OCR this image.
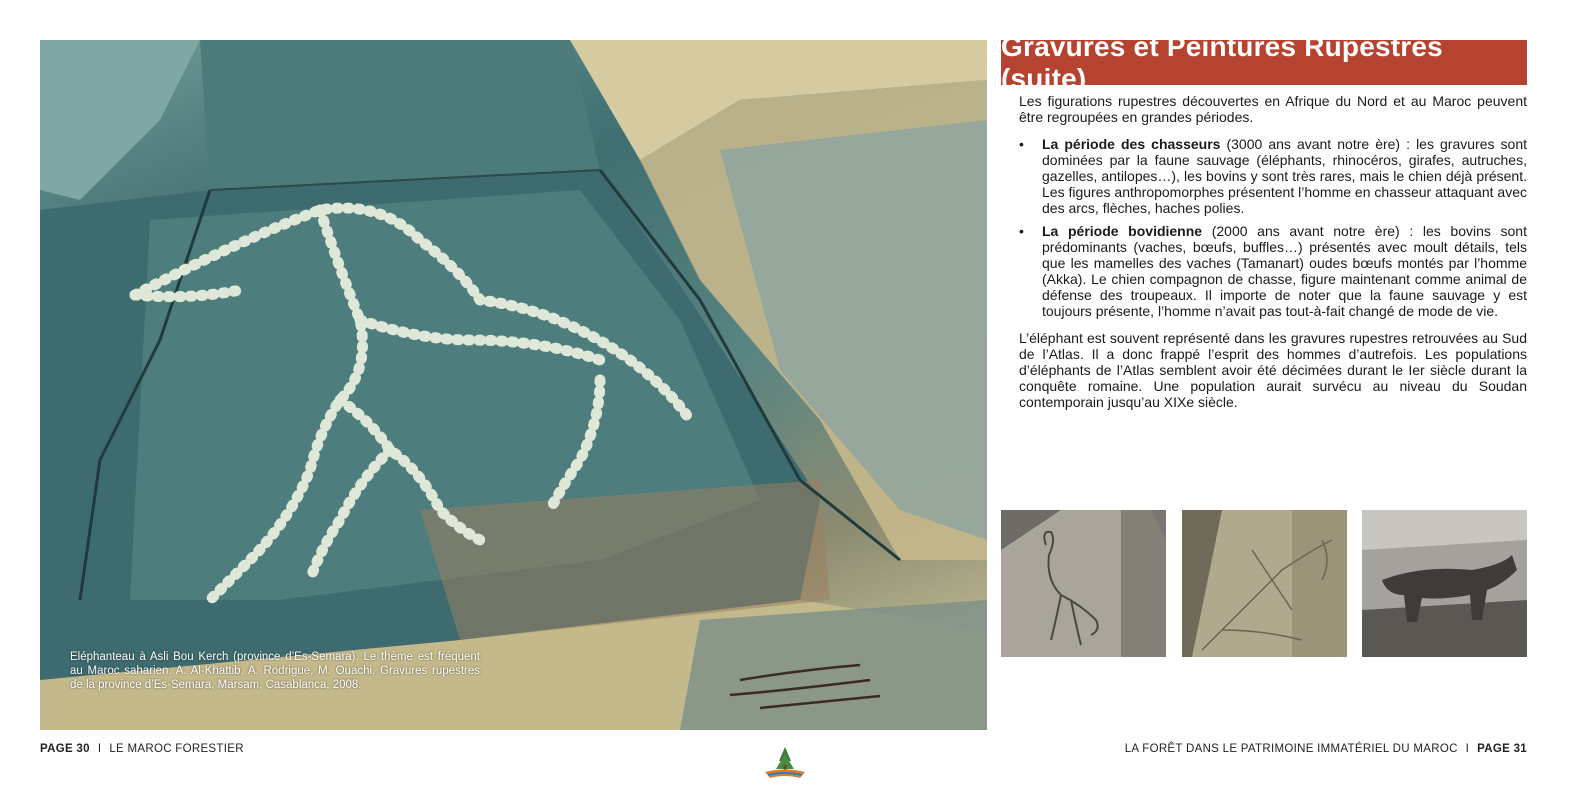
Eléphanteau à Asli Bou Kerch (province d’Es-Semara). Le thème est fréquent au Maroc saharien. A. Al-Khattib, A. Rodrigue, M. Ouachi, Gravures rupestres de la province d’Es-Semara, Marsam, Casablanca, 2008.
Gravures et Peintures Rupestres (suite)

Les figurations rupestres découvertes en Afrique du Nord et au Maroc peuvent être regroupées en grandes périodes.

• La période des chasseurs (3000 ans avant notre ère) : les gravures sont dominées par la faune sauvage (éléphants, rhinocéros, girafes, autruches, gazelles, antilopes…), les bovins y sont très rares, mais le chien déjà présent. Les figures anthropomorphes présentent l’homme en chasseur attaquant avec des arcs, flèches, haches polies.
• La période bovidienne (2000 ans avant notre ère) : les bovins sont prédominants (vaches, bœufs, buffles…) présentés avec moult détails, tels que les mamelles des vaches (Tamanart) oudes bœufs montés par l’homme (Akka). Le chien compagnon de chasse, figure maintenant comme animal de défense des troupeaux. Il importe de noter que la faune sauvage y est toujours présente, l’homme n’avait pas tout-à-fait changé de mode de vie.

L’éléphant est souvent représenté dans les gravures rupestres retrouvées au Sud de l’Atlas. Il a donc frappé l’esprit des hommes d’autrefois. Les populations d’éléphants de l’Atlas semblent avoir été décimées durant le Ier siècle durant la conquête romaine. Une population aurait survécu au niveau du Soudan contemporain jusqu’au XIXe siècle.

PAGE 30 I LE MAROC FORESTIER	LA FORÊT DANS LE PATRIMOINE IMMATÉRIEL DU MAROC I PAGE 31
